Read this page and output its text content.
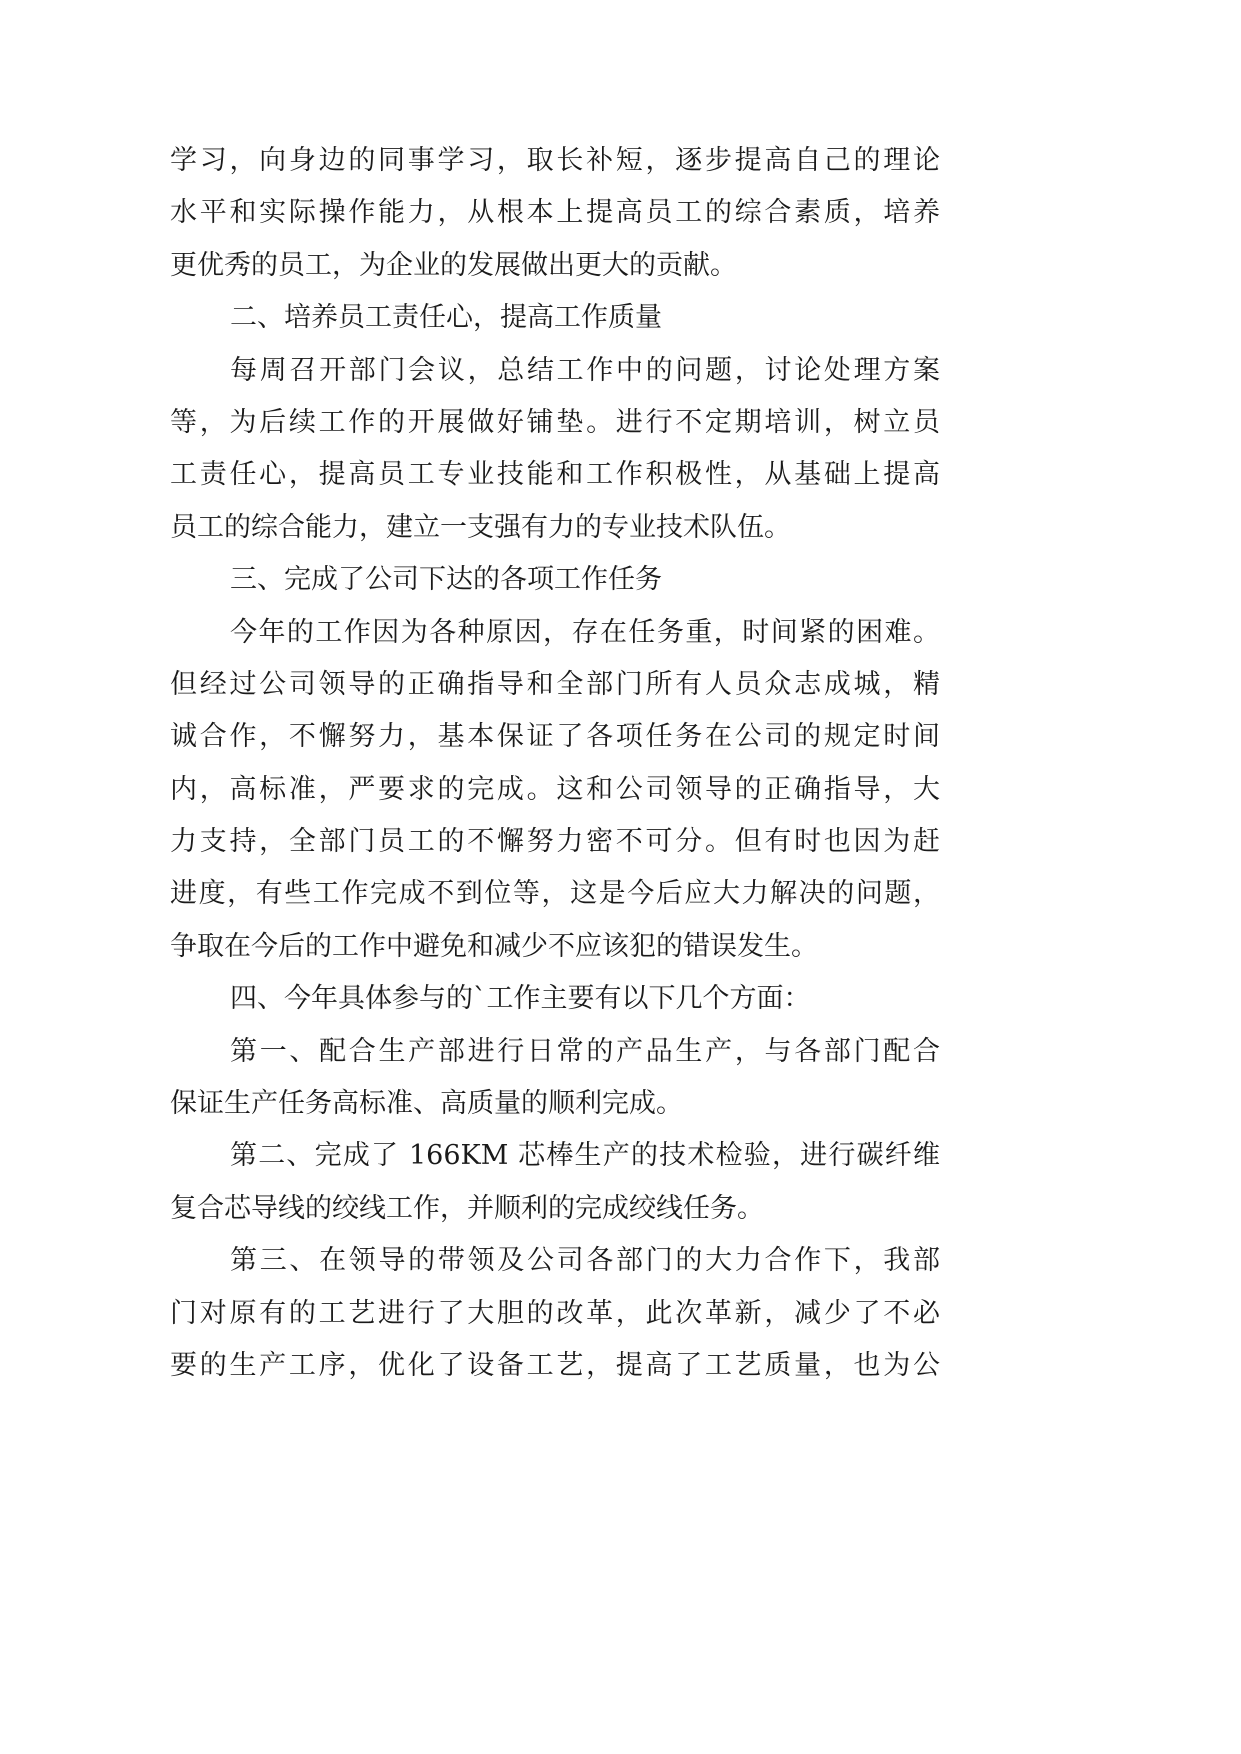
学习，向身边的同事学习，取长补短，逐步提高自己的理论
水平和实际操作能力，从根本上提高员工的综合素质，培养
更优秀的员工，为企业的发展做出更大的贡献。
二、培养员工责任心，提高工作质量
每周召开部门会议，总结工作中的问题，讨论处理方案
等，为后续工作的开展做好铺垫。进行不定期培训，树立员
工责任心，提高员工专业技能和工作积极性，从基础上提高
员工的综合能力，建立一支强有力的专业技术队伍。
三、完成了公司下达的各项工作任务
今年的工作因为各种原因，存在任务重，时间紧的困难。
但经过公司领导的正确指导和全部门所有人员众志成城，精
诚合作，不懈努力，基本保证了各项任务在公司的规定时间
内，高标准，严要求的完成。这和公司领导的正确指导，大
力支持，全部门员工的不懈努力密不可分。但有时也因为赶
进度，有些工作完成不到位等，这是今后应大力解决的问题，
争取在今后的工作中避免和减少不应该犯的错误发生。
四、今年具体参与的`工作主要有以下几个方面：
第一、配合生产部进行日常的产品生产，与各部门配合
保证生产任务高标准、高质量的顺利完成。
第二、完成了 166KM 芯棒生产的技术检验，进行碳纤维
复合芯导线的绞线工作，并顺利的完成绞线任务。
第三、在领导的带领及公司各部门的大力合作下，我部
门对原有的工艺进行了大胆的改革，此次革新，减少了不必
要的生产工序，优化了设备工艺，提高了工艺质量，也为公
